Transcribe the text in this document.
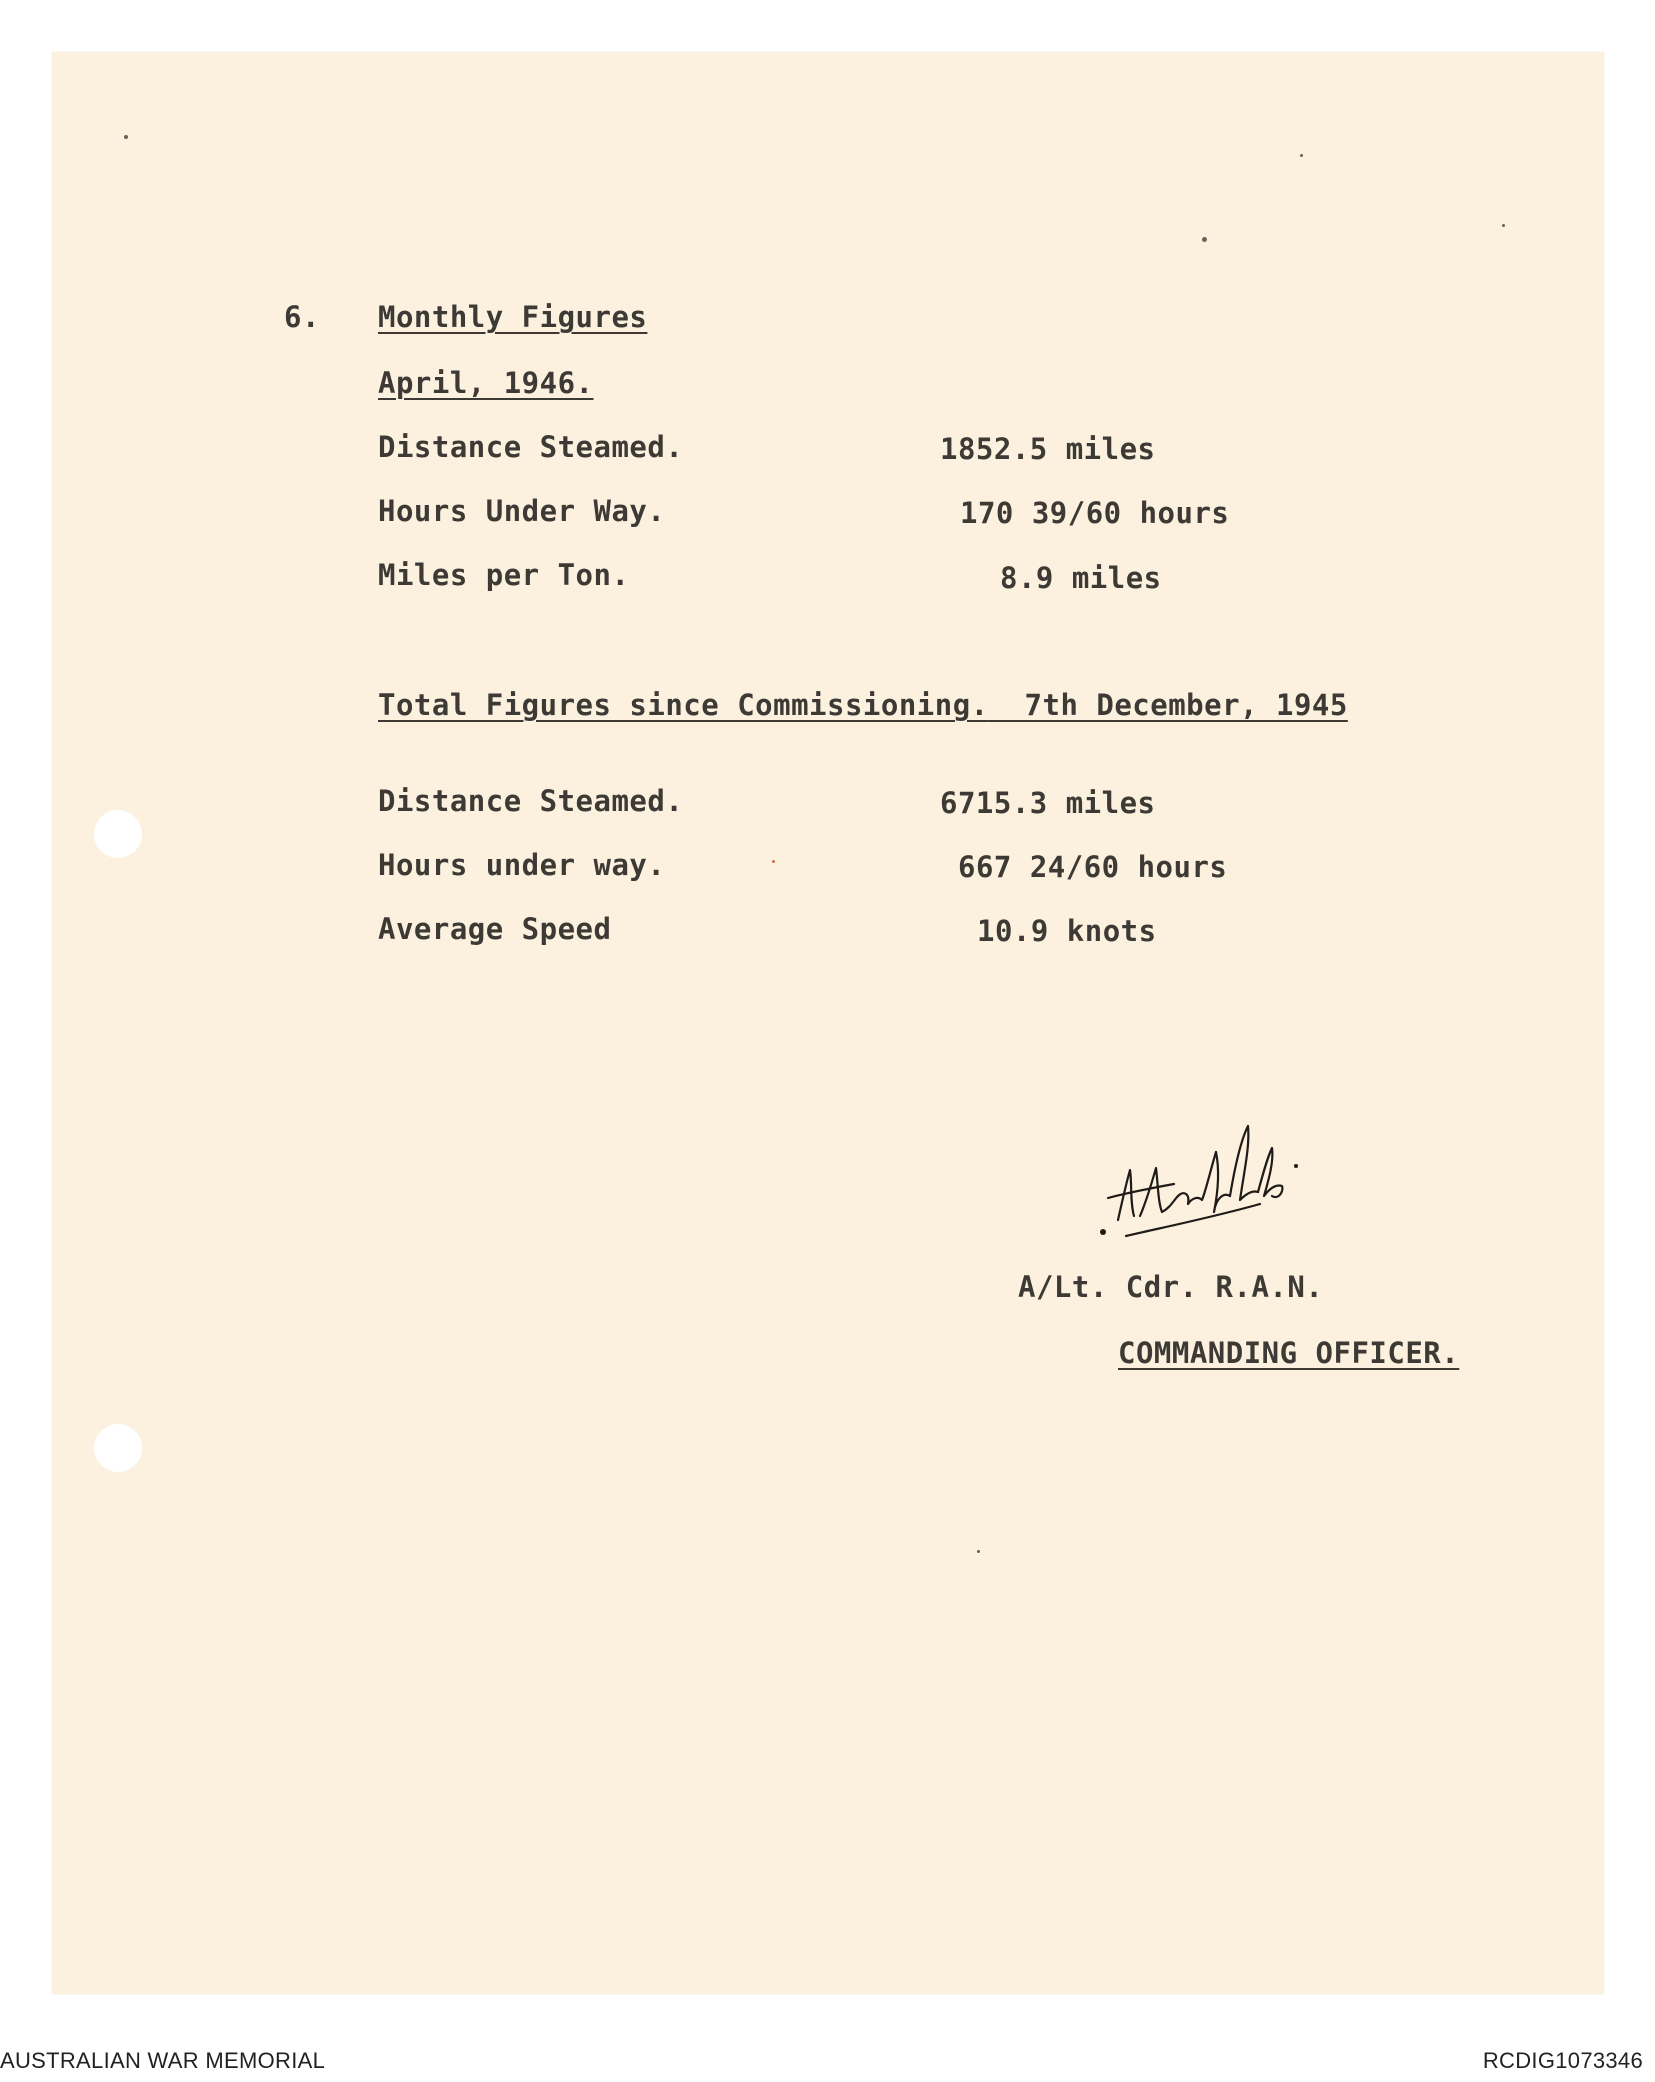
6. Monthly Figures
April, 1946.
Distance Steamed.	1852.5 miles
Hours Under Way.	170 39/60 hours
Miles per Ton.	8.9 miles
Total Figures since Commissioning. 7th December, 1945
Distance Steamed.	6715.3 miles
Hours under way.	667 24/60 hours
Average Speed	10.9 knots
A/Lt. Cdr. R.A.N.
COMMANDING OFFICER.
AUSTRALIAN WAR MEMORIAL	RCDIG1073346
